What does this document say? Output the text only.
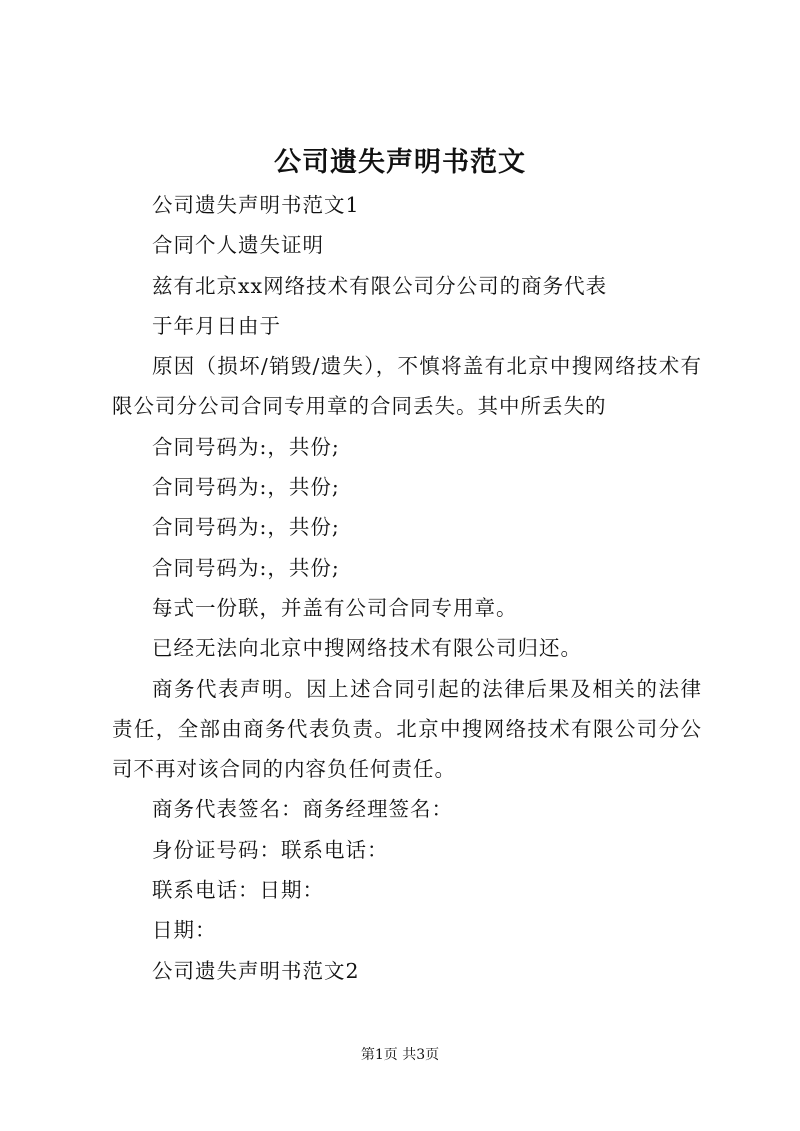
公司遗失声明书范文

公司遗失声明书范文1

合同个人遗失证明

兹有北京xx网络技术有限公司分公司的商务代表

于年月日由于

原因（损坏/销毁/遗失），不慎将盖有北京中搜网络技术有限公司分公司合同专用章的合同丢失。其中所丢失的

合同号码为:，共份;

合同号码为:，共份;

合同号码为:，共份;

合同号码为:，共份;

每式一份联，并盖有公司合同专用章。

已经无法向北京中搜网络技术有限公司归还。

商务代表声明。因上述合同引起的法律后果及相关的法律责任，全部由商务代表负责。北京中搜网络技术有限公司分公司不再对该合同的内容负任何责任。

商务代表签名：商务经理签名：

身份证号码：联系电话：

联系电话：日期：

日期：

公司遗失声明书范文2

第1页 共3页
